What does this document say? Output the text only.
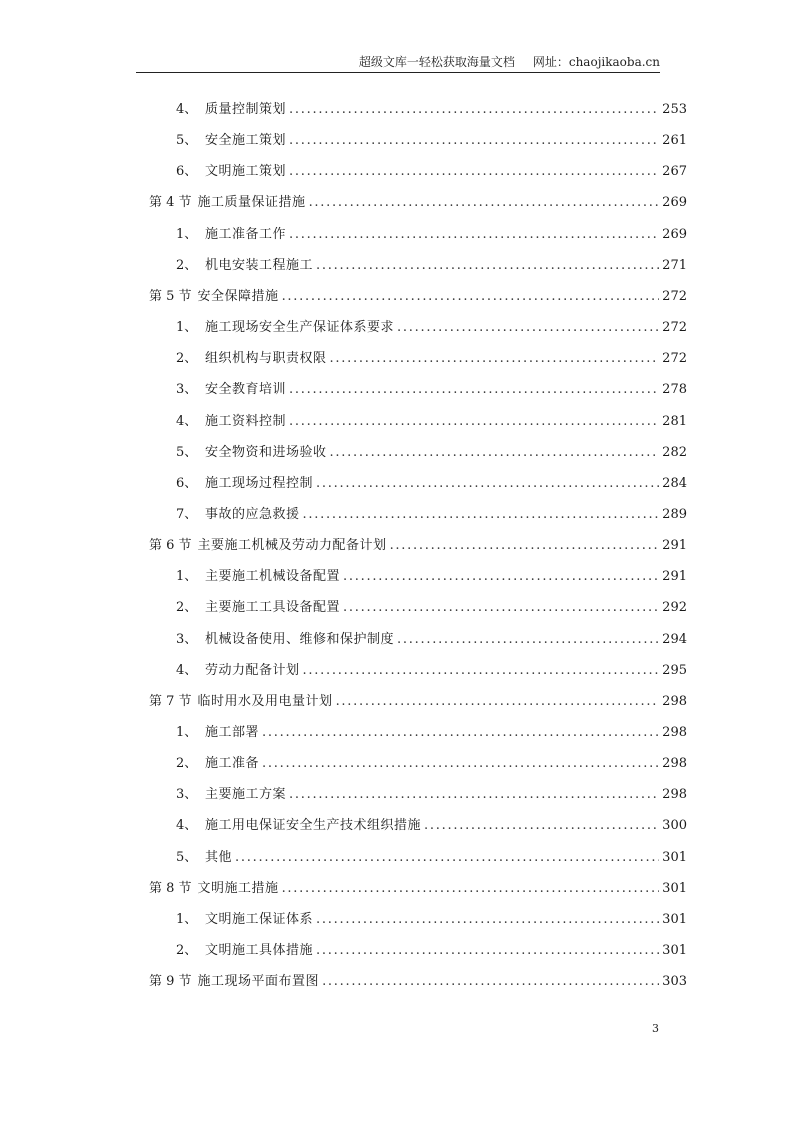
超级文库一轻松获取海量文档 网址：chaojikaoba.cn
4、 质量控制策划 . . .	253
5、 安全施工策划 . . .	261
6、 文明施工策划 . . .	267
第 4 节 施工质量保证措施 . . .	269
1、 施工准备工作 . . .	269
2、 机电安装工程施工 . . .	271
第 5 节 安全保障措施 . . .	272
1、 施工现场安全生产保证体系要求 . . .	272
2、 组织机构与职责权限 . . .	272
3、 安全教育培训 . . .	278
4、 施工资料控制 . . .	281
5、 安全物资和进场验收 . . .	282
6、 施工现场过程控制 . . .	284
7、 事故的应急救援 . . .	289
第 6 节 主要施工机械及劳动力配备计划 . . .	291
1、 主要施工机械设备配置 . . .	291
2、 主要施工工具设备配置 . . .	292
3、 机械设备使用、维修和保护制度 . . .	294
4、 劳动力配备计划 . . .	295
第 7 节 临时用水及用电量计划 . . .	298
1、 施工部署 . . .	298
2、 施工准备 . . .	298
3、 主要施工方案 . . .	298
4、 施工用电保证安全生产技术组织措施 . . .	300
5、 其他 . . .	301
第 8 节 文明施工措施 . . .	301
1、 文明施工保证体系 . . .	301
2、 文明施工具体措施 . . .	301
第 9 节 施工现场平面布置图 . . .	303
3
